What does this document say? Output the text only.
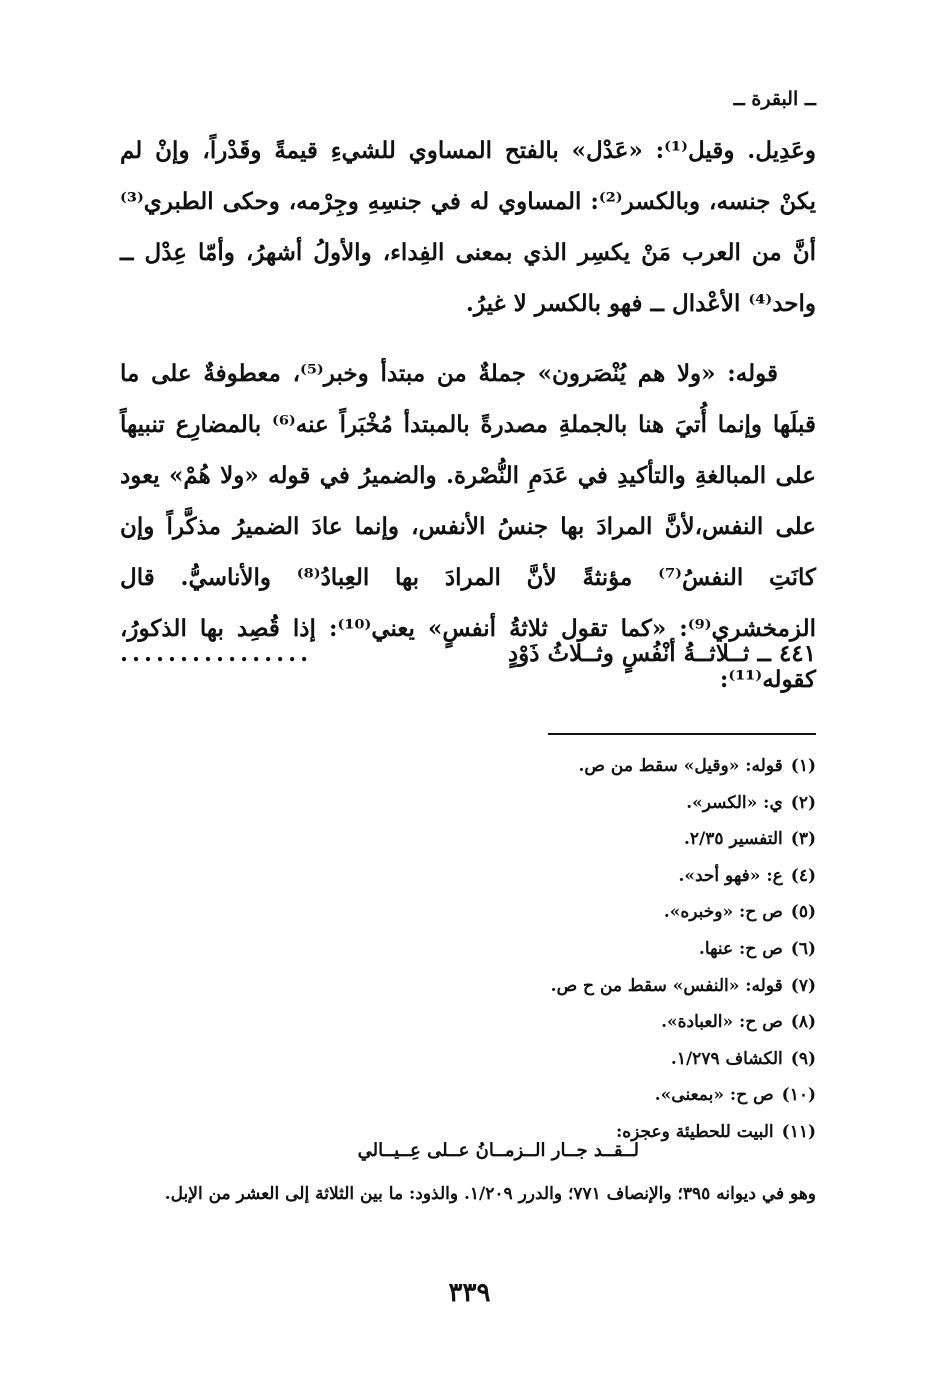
ــ البقرة ــ

وعَدِيل. وقيل⁽¹⁾: «عَدْل» بالفتح المساوي للشيءِ قيمةً وقَدْراً، وإنْ لم يكنْ جنسه، وبالكسر⁽²⁾: المساوي له في جنسِهِ وجِرْمه، وحكى الطبري⁽³⁾ أنَّ من العرب مَنْ يكسِر الذي بمعنى الفِداء، والأولُ أشهرُ، وأمّا عِدْل ــ واحد⁽⁴⁾ الأعْدال ــ فهو بالكسر لا غيرُ.

قوله: «ولا هم يُنْصَرون» جملةٌ من مبتدأ وخبر⁽⁵⁾، معطوفةٌ على ما قبلَها وإنما أُتيَ هنا بالجملةِ مصدرةً بالمبتدأ مُخْبَراً عنه⁽⁶⁾ بالمضارِع تنبيهاً على المبالغةِ والتأكيدِ في عَدَمِ النُّصْرة. والضميرُ في قوله «ولا هُمْ» يعود على النفس،لأنَّ المرادَ بها جنسُ الأنفس، وإنما عادَ الضميرُ مذكَّراً وإن كانَتِ النفسُ⁽⁷⁾ مؤنثةً لأنَّ المرادَ بها العِبادُ⁽⁸⁾ والأناسيُّ. قال الزمخشري⁽⁹⁾: «كما تقول ثلاثةُ أنفسٍ» يعني⁽¹⁰⁾: إذا قُصِد بها الذكورُ، كقوله⁽¹¹⁾:

٤٤١ ــ ثــلاثــةُ أنْفُسٍ وثــلاثُ ذَوْدٍ
................
(١)قوله: «وقيل» سقط من ص.
(٢)ي: «الكسر».
(٣)التفسير ٢/٣٥.
(٤)ع: «فهو أحد».
(٥)ص ح: «وخبره».
(٦)ص ح: عنها.
(٧)قوله: «النفس» سقط من ح ص.
(٨)ص ح: «العبادة».
(٩)الكشاف ١/٢٧٩.
(١٠)ص ح: «بمعنى».
(١١)البيت للحطيئة وعجزه:
لــقــد جــار الــزمــانُ عــلى عِــيــالي
وهو في ديوانه ٣٩٥؛ والإنصاف ٧٧١؛ والدرر ١/٢٠٩. والذود: ما بين الثلاثة إلى العشر من الإبل.
٣٣٩
